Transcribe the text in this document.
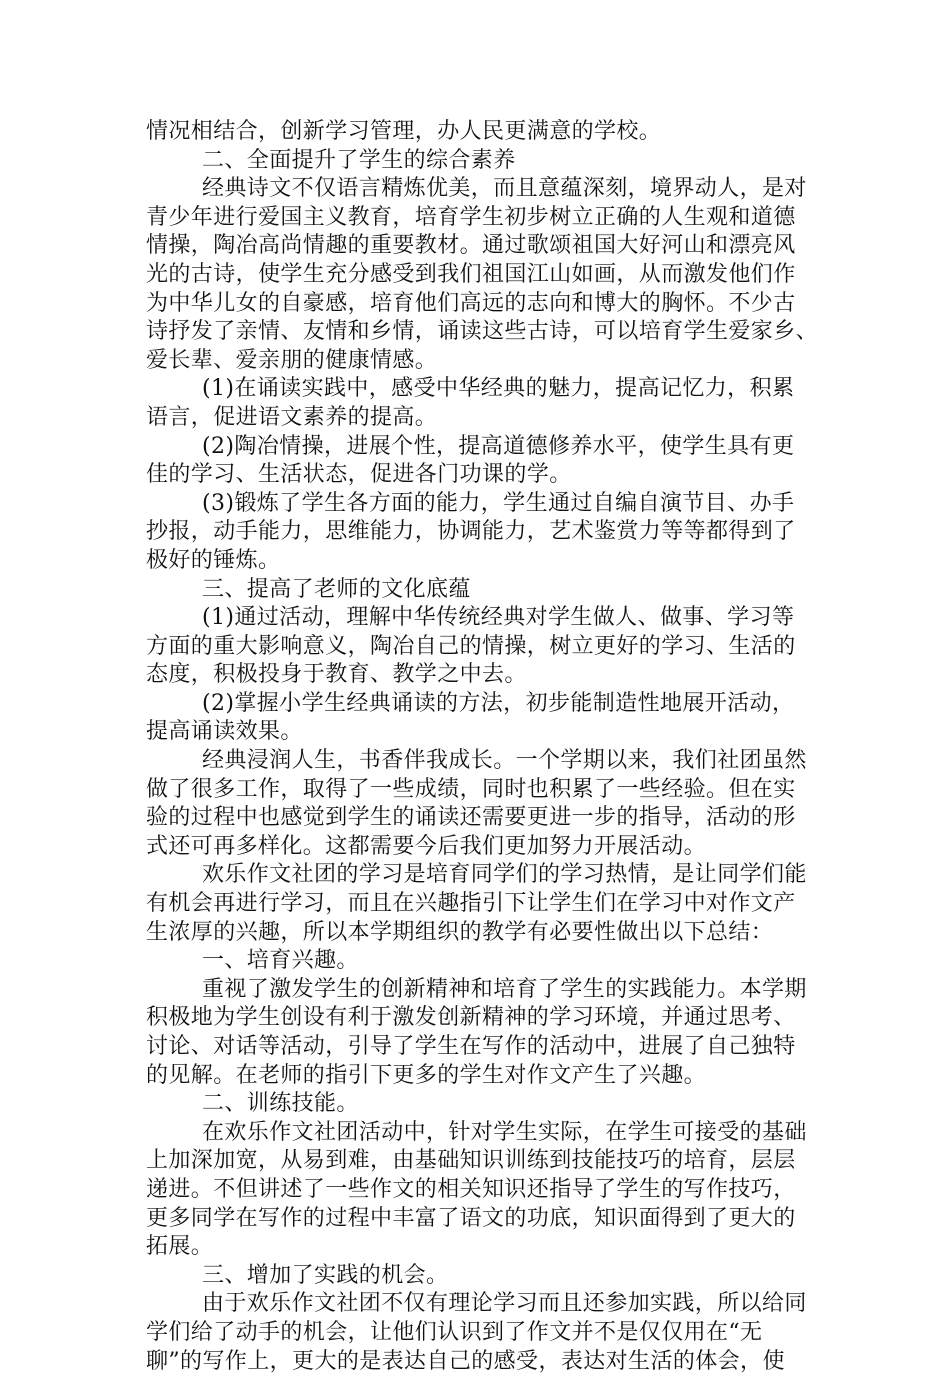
情况相结合，创新学习管理，办人民更满意的学校。
二、全面提升了学生的综合素养
经典诗文不仅语言精炼优美，而且意蕴深刻，境界动人，是对
青少年进行爱国主义教育，培育学生初步树立正确的人生观和道德
情操，陶冶高尚情趣的重要教材。通过歌颂祖国大好河山和漂亮风
光的古诗，使学生充分感受到我们祖国江山如画，从而激发他们作
为中华儿女的自豪感，培育他们高远的志向和博大的胸怀。不少古
诗抒发了亲情、友情和乡情，诵读这些古诗，可以培育学生爱家乡、
爱长辈、爱亲朋的健康情感。
(1)在诵读实践中，感受中华经典的魅力，提高记忆力，积累
语言，促进语文素养的提高。
(2)陶冶情操，进展个性，提高道德修养水平，使学生具有更
佳的学习、生活状态，促进各门功课的学。
(3)锻炼了学生各方面的能力，学生通过自编自演节目、办手
抄报，动手能力，思维能力，协调能力，艺术鉴赏力等等都得到了
极好的锤炼。
三、提高了老师的文化底蕴
(1)通过活动，理解中华传统经典对学生做人、做事、学习等
方面的重大影响意义，陶冶自己的情操，树立更好的学习、生活的
态度，积极投身于教育、教学之中去。
(2)掌握小学生经典诵读的方法，初步能制造性地展开活动，
提高诵读效果。
经典浸润人生，书香伴我成长。一个学期以来，我们社团虽然
做了很多工作，取得了一些成绩，同时也积累了一些经验。但在实
验的过程中也感觉到学生的诵读还需要更进一步的指导，活动的形
式还可再多样化。这都需要今后我们更加努力开展活动。
欢乐作文社团的学习是培育同学们的学习热情，是让同学们能
有机会再进行学习，而且在兴趣指引下让学生们在学习中对作文产
生浓厚的兴趣，所以本学期组织的教学有必要性做出以下总结：
一、培育兴趣。
重视了激发学生的创新精神和培育了学生的实践能力。本学期
积极地为学生创设有利于激发创新精神的学习环境，并通过思考、
讨论、对话等活动，引导了学生在写作的活动中，进展了自己独特
的见解。在老师的指引下更多的学生对作文产生了兴趣。
二、训练技能。
在欢乐作文社团活动中，针对学生实际，在学生可接受的基础
上加深加宽，从易到难，由基础知识训练到技能技巧的培育，层层
递进。不但讲述了一些作文的相关知识还指导了学生的写作技巧，
更多同学在写作的过程中丰富了语文的功底，知识面得到了更大的
拓展。
三、增加了实践的机会。
由于欢乐作文社团不仅有理论学习而且还参加实践，所以给同
学们给了动手的机会，让他们认识到了作文并不是仅仅用在“无
聊”的写作上，更大的是表达自己的感受，表达对生活的体会，使
